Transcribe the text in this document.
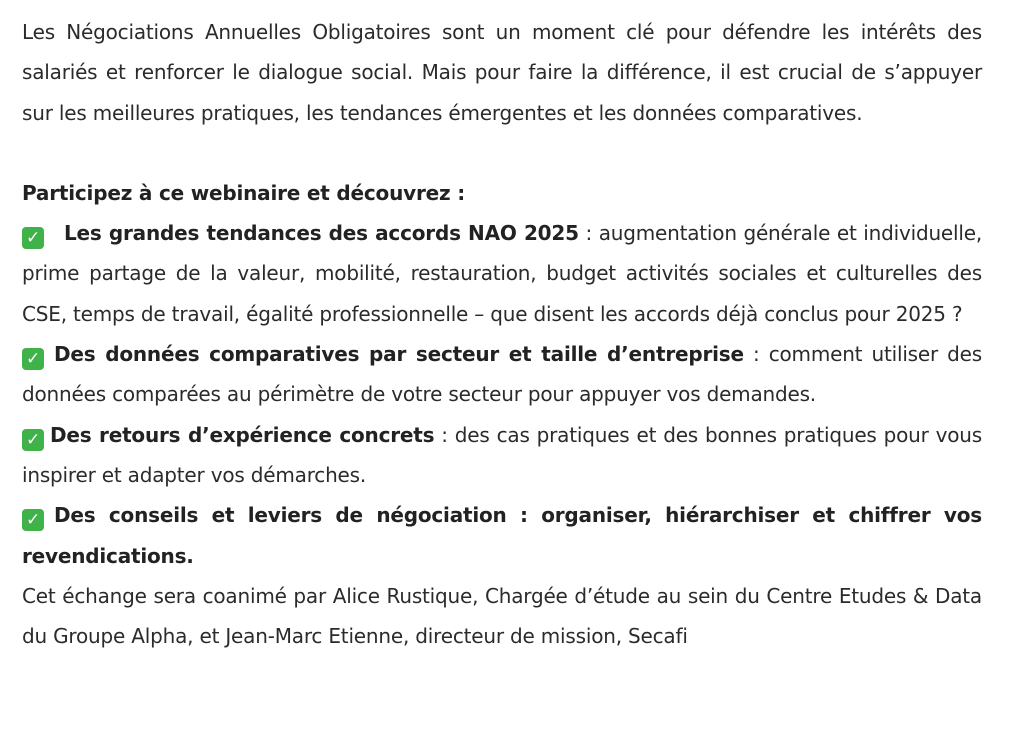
Les Négociations Annuelles Obligatoires sont un moment clé pour défendre les intérêts des salariés et renforcer le dialogue social. Mais pour faire la différence, il est crucial de s’appuyer sur les meilleures pratiques, les tendances émergentes et les données comparatives.

Participez à ce webinaire et découvrez :

✓ Les grandes tendances des accords NAO 2025 : augmentation générale et individuelle, prime partage de la valeur, mobilité, restauration, budget activités sociales et culturelles des CSE, temps de travail, égalité professionnelle – que disent les accords déjà conclus pour 2025 ?

✓ Des données comparatives par secteur et taille d’entreprise : comment utiliser des données comparées au périmètre de votre secteur pour appuyer vos demandes.

✓ Des retours d’expérience concrets : des cas pratiques et des bonnes pratiques pour vous inspirer et adapter vos démarches.

✓ Des conseils et leviers de négociation : organiser, hiérarchiser et chiffrer vos revendications.

Cet échange sera coanimé par Alice Rustique, Chargée d’étude au sein du Centre Etudes & Data du Groupe Alpha, et Jean-Marc Etienne, directeur de mission, Secafi
